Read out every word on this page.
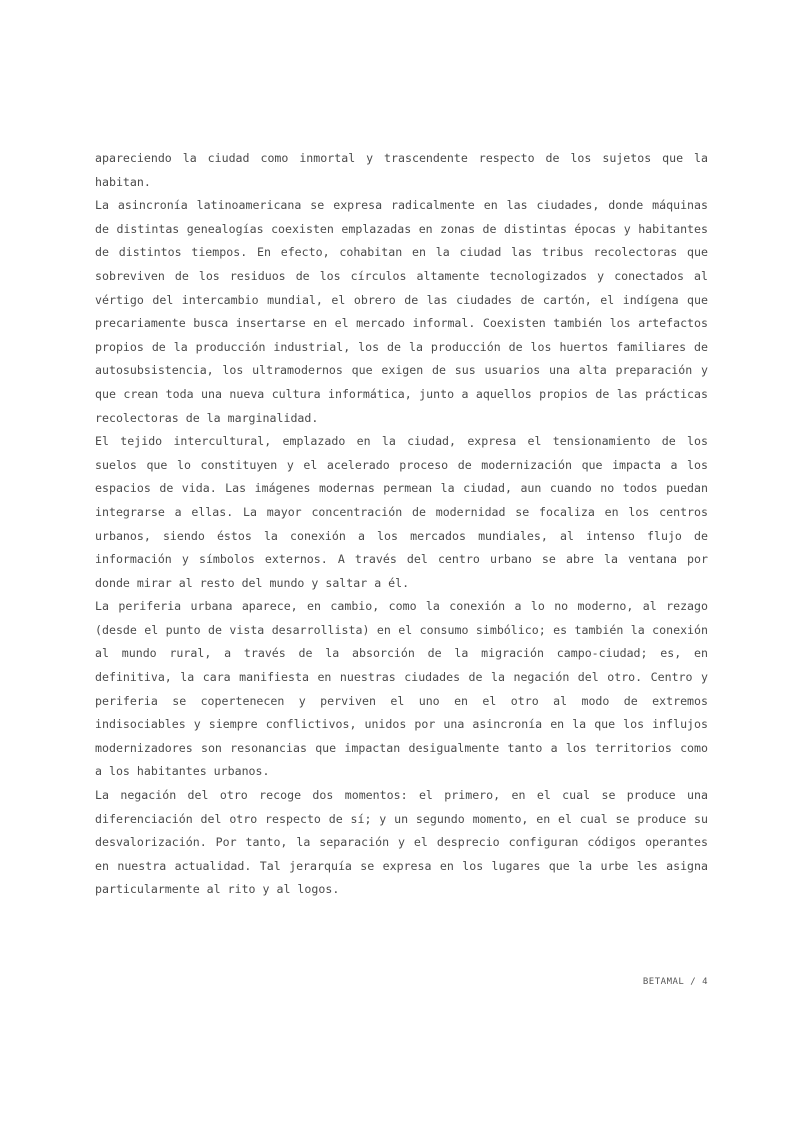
apareciendo la ciudad como inmortal y trascendente respecto de los sujetos que la habitan.

La asincronía latinoamericana se expresa radicalmente en las ciudades, donde máquinas de distintas genealogías coexisten emplazadas en zonas de distintas épocas y habitantes de distintos tiempos. En efecto, cohabitan en la ciudad las tribus recolectoras que sobreviven de los residuos de los círculos altamente tecnologizados y conectados al vértigo del intercambio mundial, el obrero de las ciudades de cartón, el indígena que precariamente busca insertarse en el mercado informal. Coexisten también los artefactos propios de la producción industrial, los de la producción de los huertos familiares de autosubsistencia, los ultramodernos que exigen de sus usuarios una alta preparación y que crean toda una nueva cultura informática, junto a aquellos propios de las prácticas recolectoras de la marginalidad.

El tejido intercultural, emplazado en la ciudad, expresa el tensionamiento de los suelos que lo constituyen y el acelerado proceso de modernización que impacta a los espacios de vida. Las imágenes modernas permean la ciudad, aun cuando no todos puedan integrarse a ellas. La mayor concentración de modernidad se focaliza en los centros urbanos, siendo éstos la conexión a los mercados mundiales, al intenso flujo de información y símbolos externos. A través del centro urbano se abre la ventana por donde mirar al resto del mundo y saltar a él.

La periferia urbana aparece, en cambio, como la conexión a lo no moderno, al rezago (desde el punto de vista desarrollista) en el consumo simbólico; es también la conexión al mundo rural, a través de la absorción de la migración campo-ciudad; es, en definitiva, la cara manifiesta en nuestras ciudades de la negación del otro. Centro y periferia se copertenecen y perviven el uno en el otro al modo de extremos indisociables y siempre conflictivos, unidos por una asincronía en la que los influjos modernizadores son resonancias que impactan desigualmente tanto a los territorios como a los habitantes urbanos.

La negación del otro recoge dos momentos: el primero, en el cual se produce una diferenciación del otro respecto de sí; y un segundo momento, en el cual se produce su desvalorización. Por tanto, la separación y el desprecio configuran códigos operantes en nuestra actualidad. Tal jerarquía se expresa en los lugares que la urbe les asigna particularmente al rito y al logos.

BETAMAL / 4
